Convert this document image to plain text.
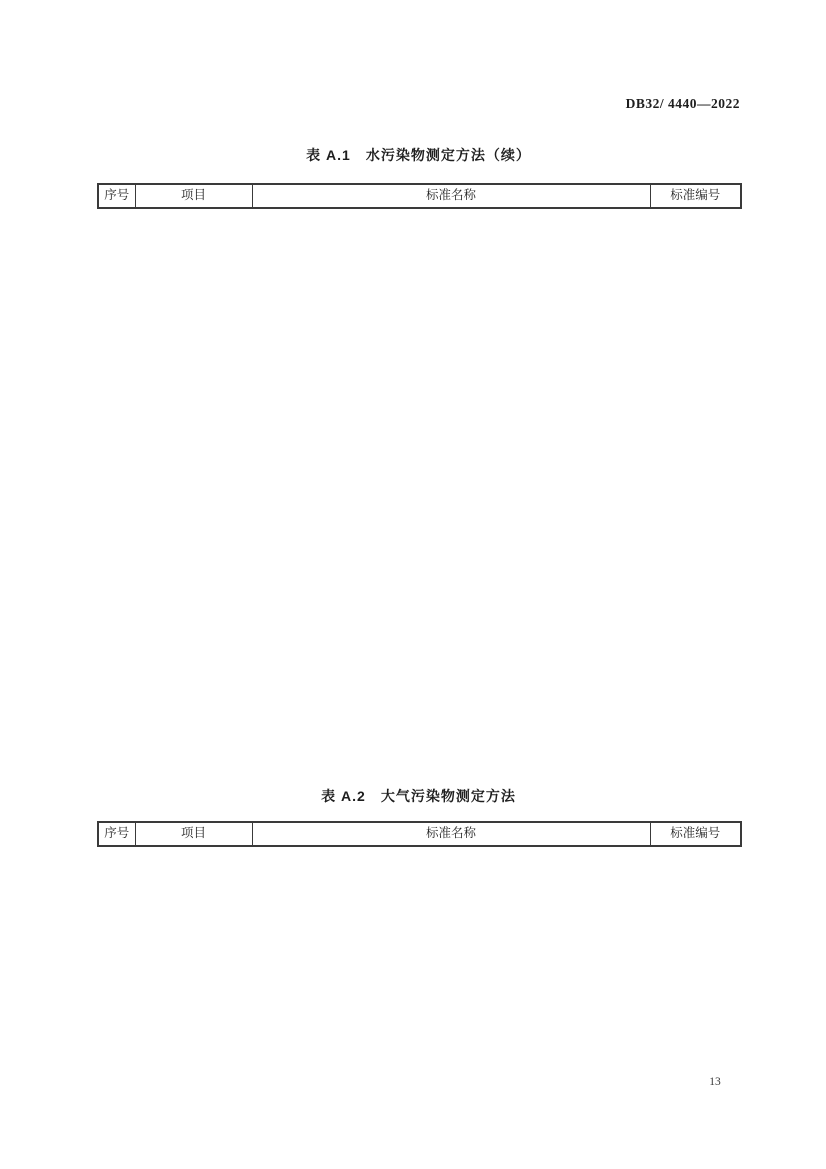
DB32/ 4440—2022
表 A.1　水污染物测定方法（续）
序号	项目	标准名称	标准编号
表 A.2　大气污染物测定方法
序号	项目	标准名称	标准编号
13
